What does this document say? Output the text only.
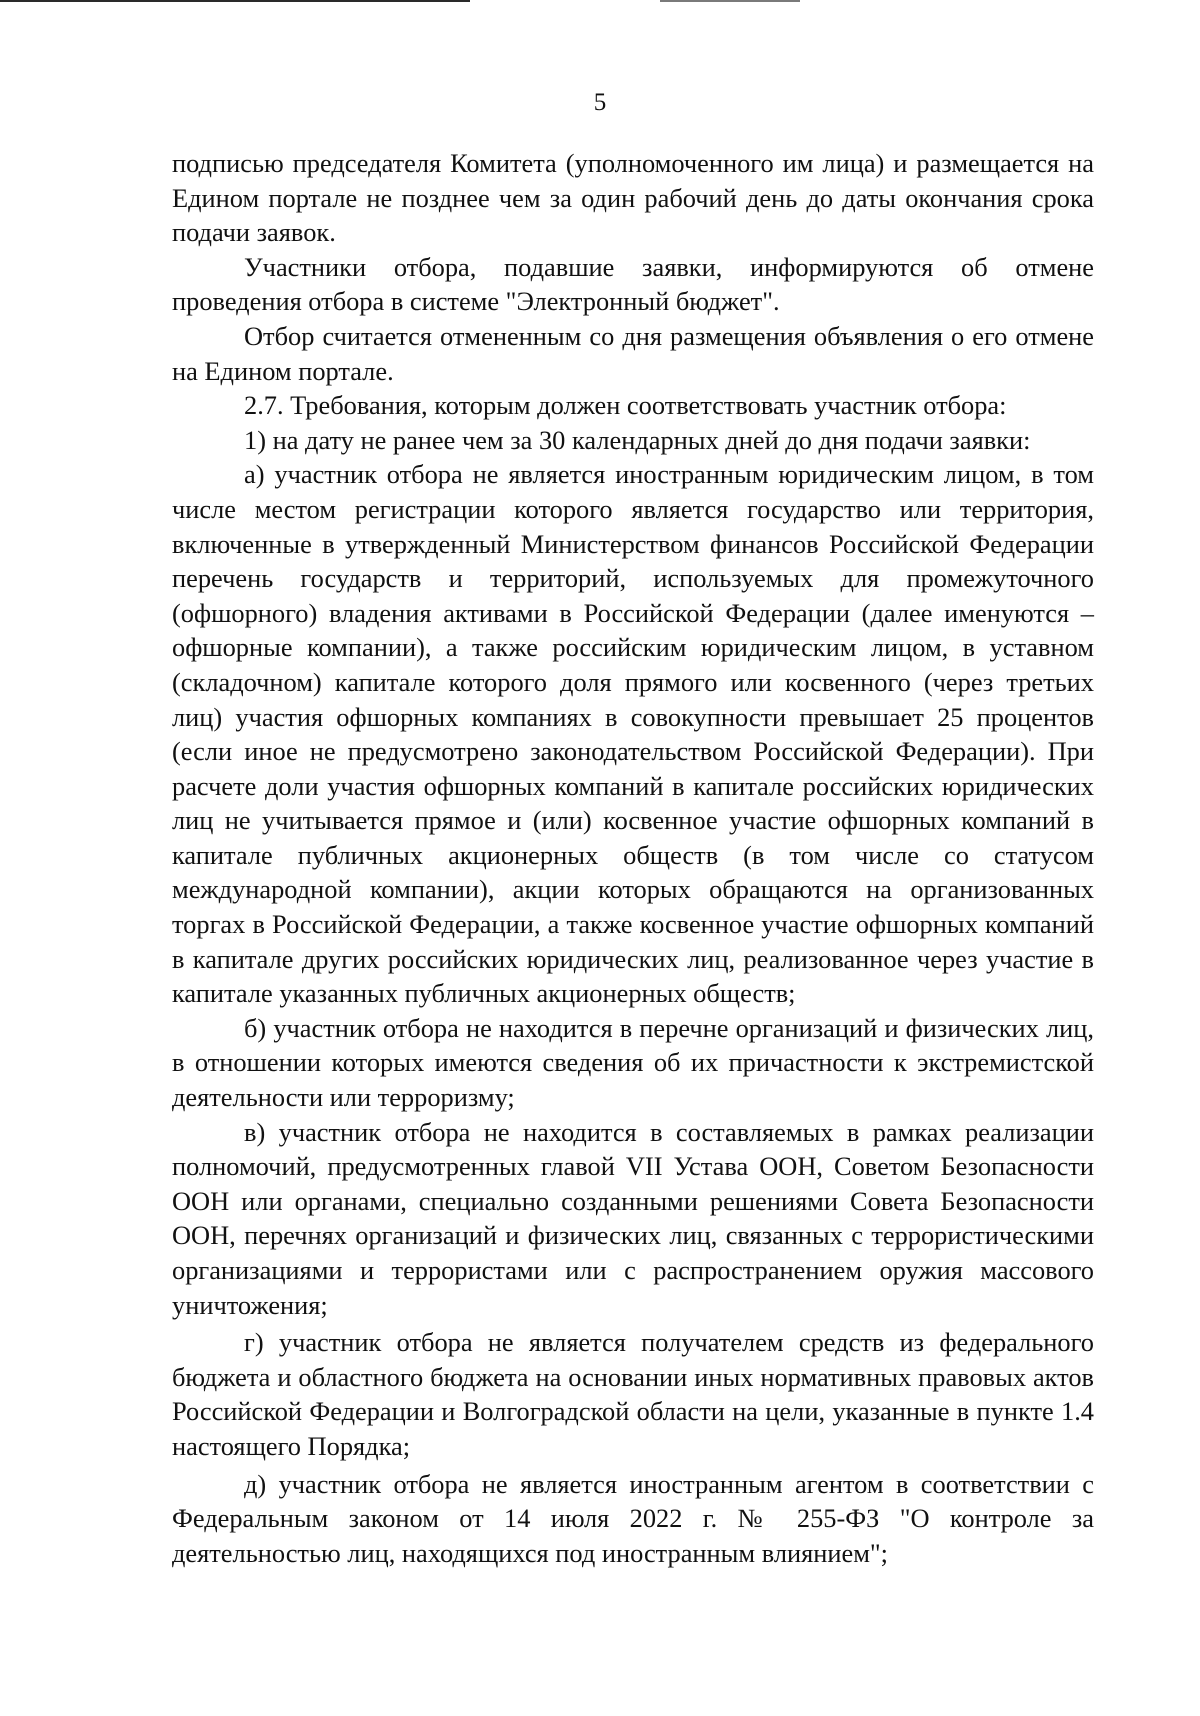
5

подписью председателя Комитета (уполномоченного им лица) и размещается на Едином портале не позднее чем за один рабочий день до даты окончания срока подачи заявок.

Участники отбора, подавшие заявки, информируются об отмене проведения отбора в системе "Электронный бюджет".

Отбор считается отмененным со дня размещения объявления о его отмене на Едином портале.

2.7. Требования, которым должен соответствовать участник отбора:

1) на дату не ранее чем за 30 календарных дней до дня подачи заявки:

а) участник отбора не является иностранным юридическим лицом, в том числе местом регистрации которого является государство или территория, включенные в утвержденный Министерством финансов Российской Федерации перечень государств и территорий, используемых для промежуточного (офшорного) владения активами в Российской Федерации (далее именуются – офшорные компании), а также российским юридическим лицом, в уставном (складочном) капитале которого доля прямого или косвенного (через третьих лиц) участия офшорных компаниях в совокупности превышает 25 процентов (если иное не предусмотрено законодательством Российской Федерации). При расчете доли участия офшорных компаний в капитале российских юридических лиц не учитывается прямое и (или) косвенное участие офшорных компаний в капитале публичных акционерных обществ (в том числе со статусом международной компании), акции которых обращаются на организованных торгах в Российской Федерации, а также косвенное участие офшорных компаний в капитале других российских юридических лиц, реализованное через участие в капитале указанных публичных акционерных обществ;

б) участник отбора не находится в перечне организаций и физических лиц, в отношении которых имеются сведения об их причастности к экстремистской деятельности или терроризму;

в) участник отбора не находится в составляемых в рамках реализации полномочий, предусмотренных главой VII Устава ООН, Советом Безопасности ООН или органами, специально созданными решениями Совета Безопасности ООН, перечнях организаций и физических лиц, связанных с террористическими организациями и террористами или с распространением оружия массового уничтожения;

г) участник отбора не является получателем средств из федерального бюджета и областного бюджета на основании иных нормативных правовых актов Российской Федерации и Волгоградской области на цели, указанные в пункте 1.4 настоящего Порядка;

д) участник отбора не является иностранным агентом в соответствии с Федеральным законом от 14 июля 2022 г. № 255-ФЗ "О контроле за деятельностью лиц, находящихся под иностранным влиянием";
